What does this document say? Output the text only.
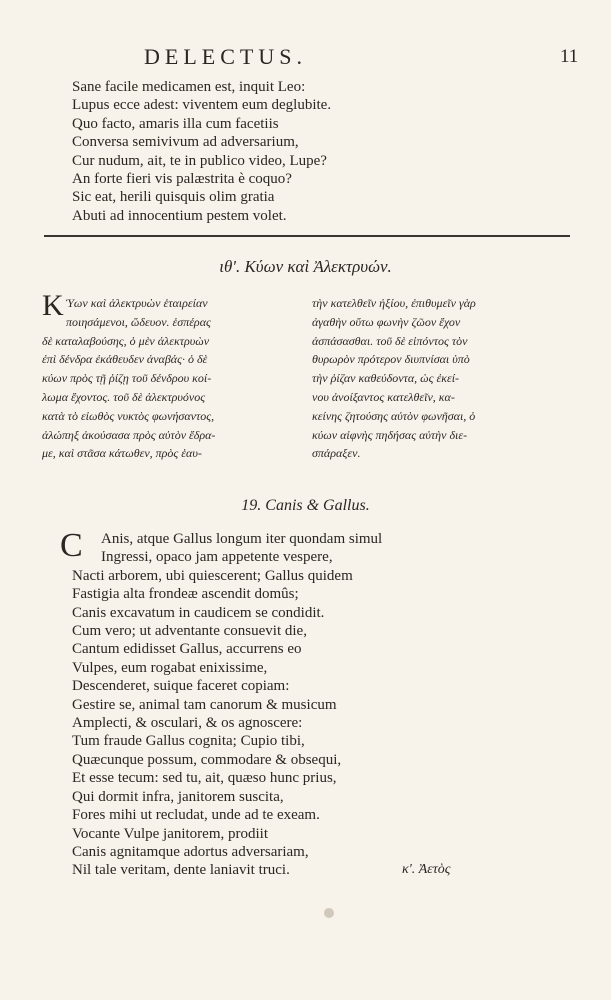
DELECTUS.	11
Sane facile medicamen est, inquit Leo:
Lupus ecce adest: viventem eum deglubite.
Quo facto, amaris illa cum facetiis
Conversa semivivum ad adversarium,
Cur nudum, ait, te in publico video, Lupe?
An forte fieri vis palæstrita è coquo?
Sic eat, herili quisquis olim gratia
Abuti ad innocentium pestem volet.
ιθ'. Κύων καὶ Ἀλεκτρυών.
K Ύων καὶ ἀλεκτρυὼν ἑταιρείαν
ποιησάμενοι, ὥδευον. ἑσπέρας
δὲ καταλαβούσης, ὁ μὲν ἀλεκτρυὼν
ἐπὶ δένδρα ἐκάθευδεν ἀναβάς· ὁ δὲ
κύων πρὸς τῇ ῥίζῃ τοῦ δένδρου κοί-
λωμα ἔχοντος. τοῦ δὲ ἀλεκτρυόνος
κατὰ τὸ εἰωθὸς νυκτὸς φωνήσαντος,
ἀλώπηξ ἀκούσασα πρὸς αὐτὸν ἔδρα-
με, καὶ στᾶσα κάτωθεν, πρὸς ἑαυ-
τὴν κατελθεῖν ἠξίου, ἐπιθυμεῖν γὰρ
ἀγαθὴν οὕτω φωνὴν ζῶον ἔχον
ἀσπάσασθαι. τοῦ δὲ εἰπόντος τὸν
θυρωρὸν πρότερον διυπνίσαι ὑπὸ
τὴν ῥίζαν καθεύδοντα, ὡς ἐκεί-
νου ἀνοίξαντος κατελθεῖν, κα-
κείνης ζητούσης αὐτὸν φωνῆσαι, ὁ
κύων αἰφνὴς πηδήσας αὐτὴν διε-
σπάραξεν.
19. Canis & Gallus.
C	Anis, atque Gallus longum iter quondam simul
Ingressi, opaco jam appetente vespere,
Nacti arborem, ubi quiescerent; Gallus quidem
Fastigia alta frondeæ ascendit domûs;
Canis excavatum in caudicem se condidit.
Cum vero; ut adventante consuevit die,
Cantum edidisset Gallus, accurrens eo
Vulpes, eum rogabat enixissime,
Descenderet, suique faceret copiam:
Gestire se, animal tam canorum & musicum
Amplecti, & osculari, & os agnoscere:
Tum fraude Gallus cognita; Cupio tibi,
Quæcunque possum, commodare & obsequi,
Et esse tecum: sed tu, ait, quæso hunc prius,
Qui dormit infra, janitorem suscita,
Fores mihi ut recludat, unde ad te exeam.
Vocante Vulpe janitorem, prodiit
Canis agnitamque adortus adversariam,
Nil tale veritam, dente laniavit truci.	κ'. Ἀετὸς
